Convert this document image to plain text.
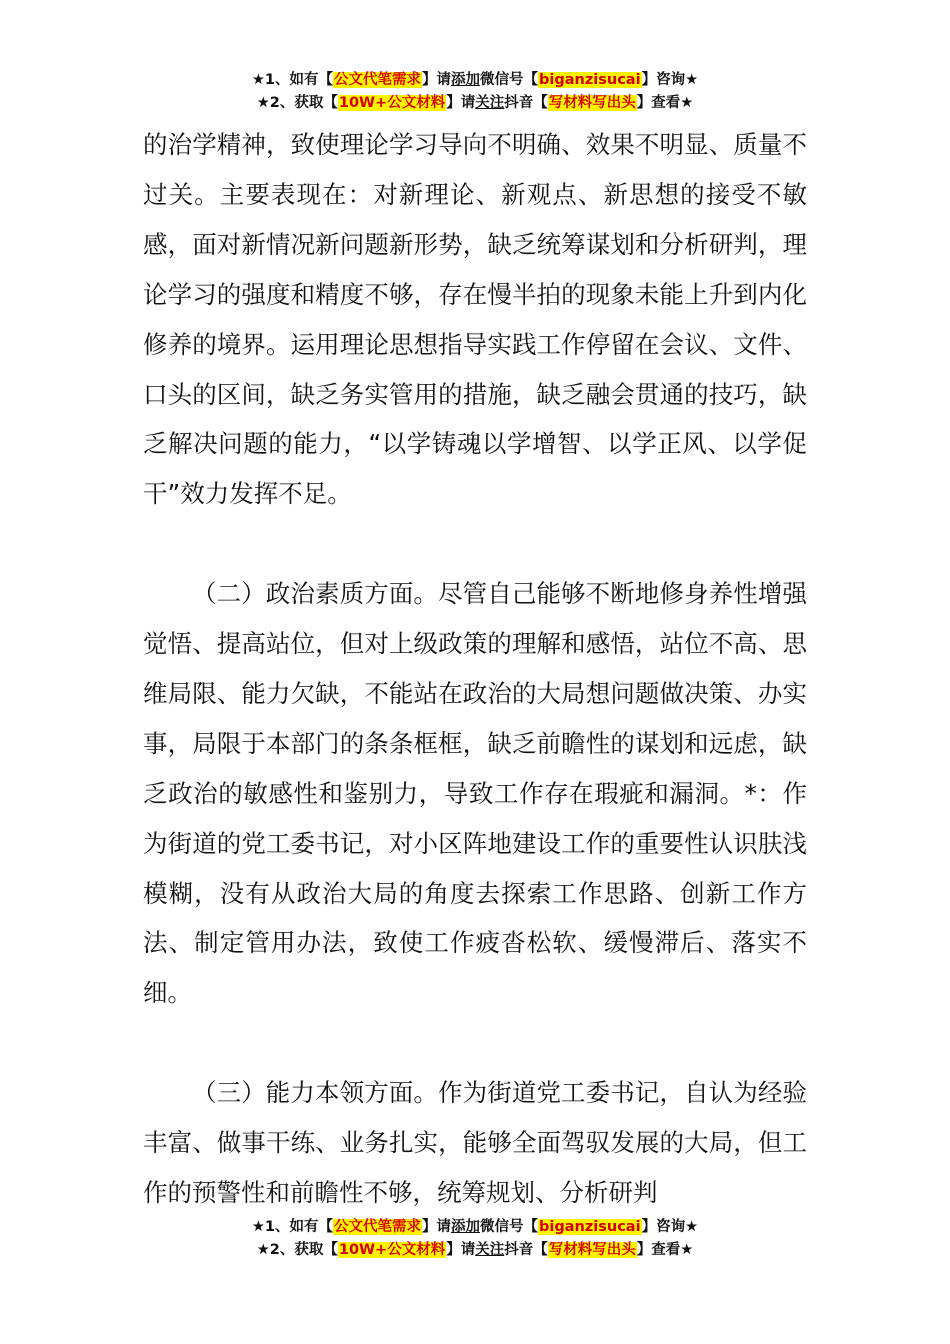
★1、如有【公文代笔需求】请添加微信号【biganzisucai】咨询★
★2、获取【10W+公文材料】请关注抖音【写材料写出头】查看★

的治学精神，致使理论学习导向不明确、效果不明显、质量不过关。主要表现在：对新理论、新观点、新思想的接受不敏感，面对新情况新问题新形势，缺乏统筹谋划和分析研判，理论学习的强度和精度不够，存在慢半拍的现象未能上升到内化修养的境界。运用理论思想指导实践工作停留在会议、文件、口头的区间，缺乏务实管用的措施，缺乏融会贯通的技巧，缺乏解决问题的能力，“以学铸魂以学增智、以学正风、以学促干”效力发挥不足。

（二）政治素质方面。尽管自己能够不断地修身养性增强觉悟、提高站位，但对上级政策的理解和感悟，站位不高、思维局限、能力欠缺，不能站在政治的大局想问题做决策、办实事，局限于本部门的条条框框，缺乏前瞻性的谋划和远虑，缺乏政治的敏感性和鉴别力，导致工作存在瑕疵和漏洞。*：作为街道的党工委书记，对小区阵地建设工作的重要性认识肤浅模糊，没有从政治大局的角度去探索工作思路、创新工作方法、制定管用办法，致使工作疲沓松软、缓慢滞后、落实不细。

（三）能力本领方面。作为街道党工委书记，自认为经验丰富、做事干练、业务扎实，能够全面驾驭发展的大局，但工作的预警性和前瞻性不够，统筹规划、分析研判

★1、如有【公文代笔需求】请添加微信号【biganzisucai】咨询★
★2、获取【10W+公文材料】请关注抖音【写材料写出头】查看★
